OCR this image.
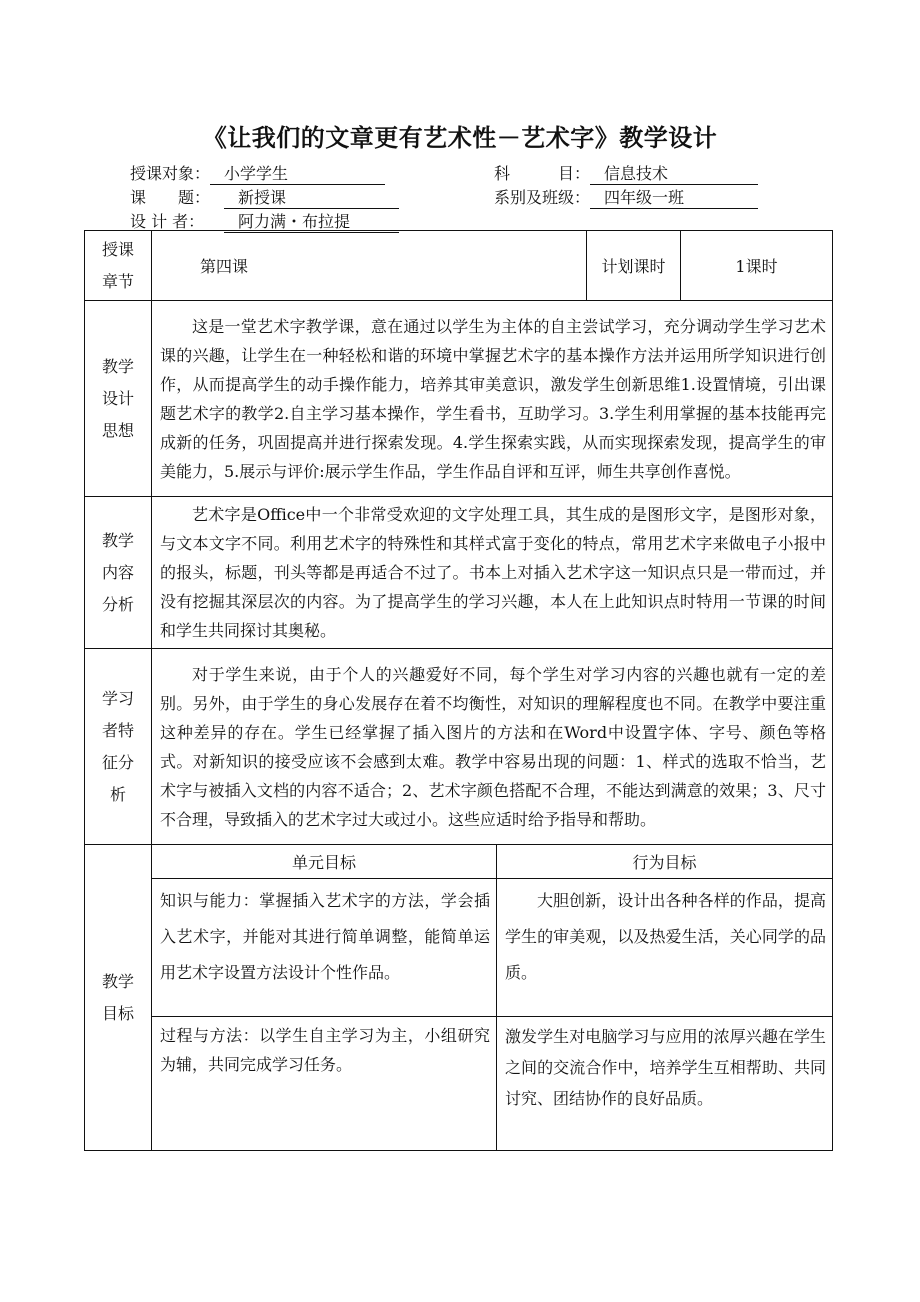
《让我们的文章更有艺术性－艺术字》教学设计
授课对象： 小学学生	科　　　目： 信息技术
课　　题： 新授课	系别及班级： 四年级一班
设 计 者： 阿力满・布拉提
授课章节	第四课		计划课时	1课时

教学设计思想	这是一堂艺术字教学课，意在通过以学生为主体的自主尝试学习，充分调动学生学习艺术课的兴趣，让学生在一种轻松和谐的环境中掌握艺术字的基本操作方法并运用所学知识进行创作，从而提高学生的动手操作能力，培养其审美意识，激发学生创新思维1.设置情境，引出课题艺术字的教学2.自主学习基本操作，学生看书，互助学习。3.学生利用掌握的基本技能再完成新的任务，巩固提高并进行探索发现。4.学生探索实践，从而实现探索发现，提高学生的审美能力，5.展示与评价:展示学生作品，学生作品自评和互评，师生共享创作喜悦。			

教学内容分析	艺术字是Office中一个非常受欢迎的文字处理工具，其生成的是图形文字，是图形对象，与文本文字不同。利用艺术字的特殊性和其样式富于变化的特点，常用艺术字来做电子小报中的报头，标题，刊头等都是再适合不过了。书本上对插入艺术字这一知识点只是一带而过，并没有挖掘其深层次的内容。为了提高学生的学习兴趣，本人在上此知识点时特用一节课的时间和学生共同探讨其奥秘。			

学习者特征分析	对于学生来说，由于个人的兴趣爱好不同，每个学生对学习内容的兴趣也就有一定的差别。另外，由于学生的身心发展存在着不均衡性，对知识的理解程度也不同。在教学中要注重这种差异的存在。学生已经掌握了插入图片的方法和在Word中设置字体、字号、颜色等格式。对新知识的接受应该不会感到太难。教学中容易出现的问题：1、样式的选取不恰当，艺术字与被插入文档的内容不适合；2、艺术字颜色搭配不合理，不能达到满意的效果；3、尺寸不合理，导致插入的艺术字过大或过小。这些应适时给予指导和帮助。			

教学目标	单元目标	行为目标		

	知识与能力：掌握插入艺术字的方法，学会插入艺术字，并能对其进行简单调整，能简单运用艺术字设置方法设计个性作品。	大胆创新，设计出各种各样的作品，提高学生的审美观，以及热爱生活，关心同学的品质。		

	过程与方法：以学生自主学习为主，小组研究为辅，共同完成学习任务。	激发学生对电脑学习与应用的浓厚兴趣在学生之间的交流合作中，培养学生互相帮助、共同讨究、团结协作的良好品质。		
